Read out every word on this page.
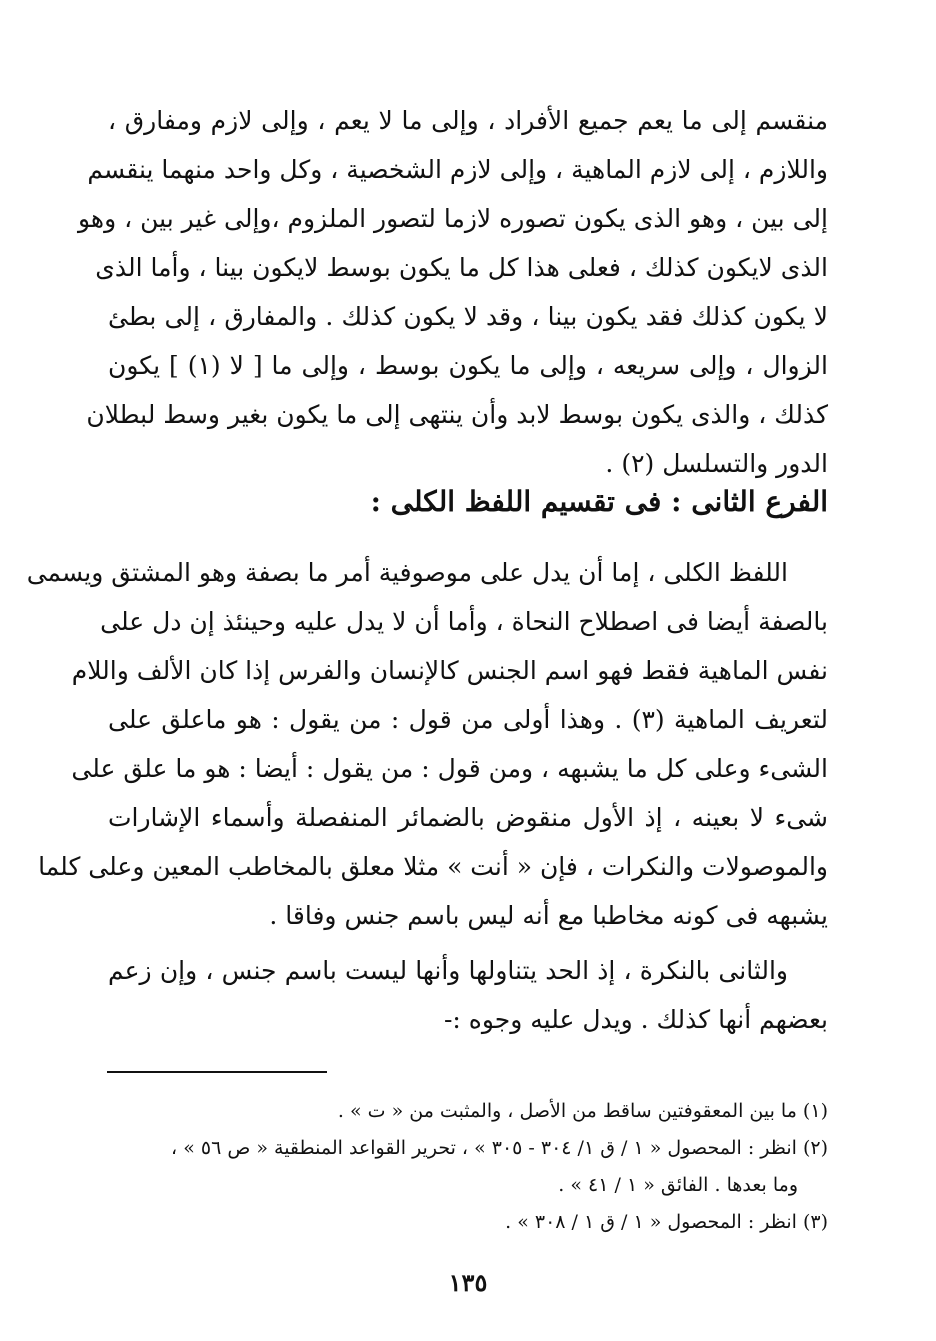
منقسم إلى ما يعم جميع الأفراد ، وإلى ما لا يعم ، وإلى لازم ومفارق ،
واللازم ، إلى لازم الماهية ، وإلى لازم الشخصية ، وكل واحد منهما ينقسم
إلى بين ، وهو الذى يكون تصوره لازما لتصور الملزوم ،وإلى غير بين ، وهو
الذى لايكون كذلك ، فعلى هذا كل ما يكون بوسط لايكون بينا ، وأما الذى
لا يكون كذلك فقد يكون بينا ، وقد لا يكون كذلك . والمفارق ، إلى بطئ
الزوال ، وإلى سريعه ، وإلى ما يكون بوسط ، وإلى ما [ لا (١) ] يكون
كذلك ، والذى يكون بوسط لابد وأن ينتهى إلى ما يكون بغير وسط لبطلان
الدور والتسلسل (٢) .
الفرع الثانى : فى تقسيم اللفظ الكلى :
اللفظ الكلى ، إما أن يدل على موصوفية أمر ما بصفة وهو المشتق ويسمى
بالصفة أيضا فى اصطلاح النحاة ، وأما أن لا يدل عليه وحينئذ إن دل على
نفس الماهية فقط فهو اسم الجنس كالإنسان والفرس إذا كان الألف واللام
لتعريف الماهية (٣) . وهذا أولى من قول : من يقول : هو ماعلق على
الشىء وعلى كل ما يشبهه ، ومن قول : من يقول : أيضا : هو ما علق على
شىء لا بعينه ، إذ الأول منقوض بالضمائر المنفصلة وأسماء الإشارات
والموصولات والنكرات ، فإن « أنت » مثلا معلق بالمخاطب المعين وعلى كلما
يشبهه فى كونه مخاطبا مع أنه ليس باسم جنس وفاقا .
والثانى بالنكرة ، إذ الحد يتناولها وأنها ليست باسم جنس ، وإن زعم
بعضهم أنها كذلك . ويدل عليه وجوه :-
(١) ما بين المعقوفتين ساقط من الأصل ، والمثبت من « ت » .
(٢) انظر : المحصول « ١ / ق ١/ ٣٠٤ - ٣٠٥ » ، تحرير القواعد المنطقية « ص ٥٦ » ،
وما بعدها . الفائق « ١ / ٤١ » .
(٣) انظر : المحصول « ١ / ق ١ / ٣٠٨ » .
١٣٥
